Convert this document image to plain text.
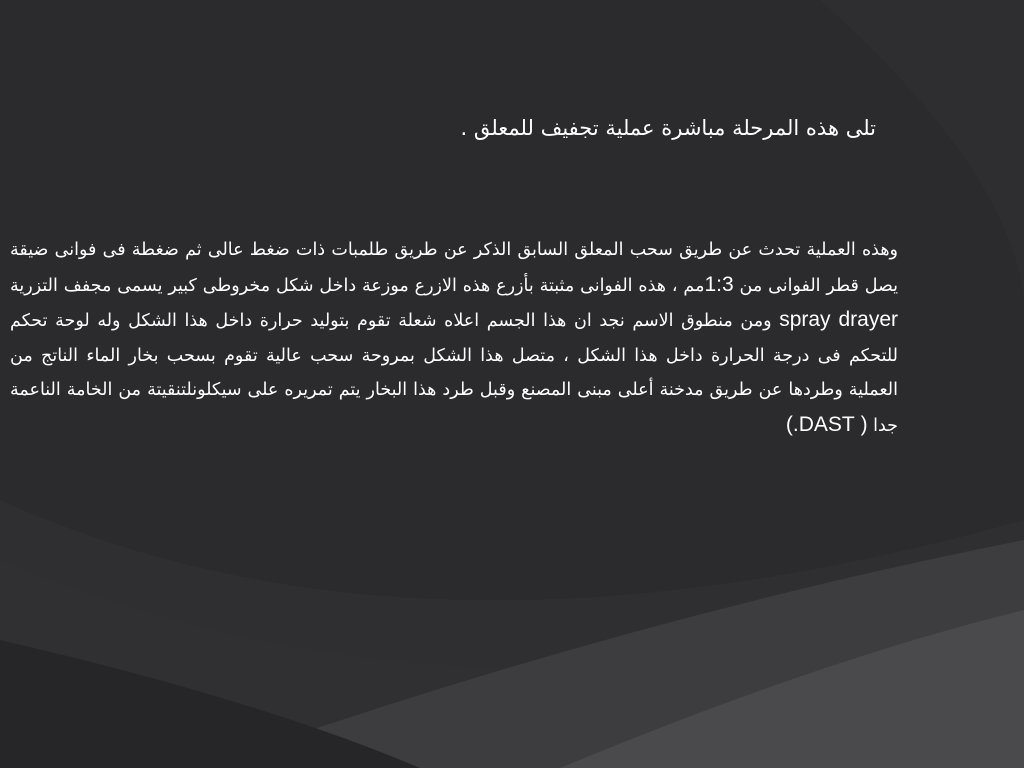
تلى هذه المرحلة مباشرة عملية تجفيف للمعلق .

وهذه العملية تحدث عن طريق سحب المعلق السابق الذكر عن طريق طلمبات ذات ضغط عالى ثم ضغطة فى فوانى ضيقة يصل قطر الفوانى من 1:3مم ، هذه الفوانى مثبتة بأزرع هذه الازرع موزعة داخل شكل مخروطى كبير يسمى مجفف التزرية spray drayer ومن منطوق الاسم نجد ان هذا الجسم اعلاه شعلة تقوم بتوليد حرارة داخل هذا الشكل وله لوحة تحكم للتحكم فى درجة الحرارة داخل هذا الشكل ، متصل هذا الشكل بمروحة سحب عالية تقوم بسحب بخار الماء الناتج من العملية وطردها عن طريق مدخنة أعلى مبنى المصنع وقبل طرد هذا البخار يتم تمريره على سيكلونلتنقيتة من الخامة الناعمة جدا ( DAST.)
